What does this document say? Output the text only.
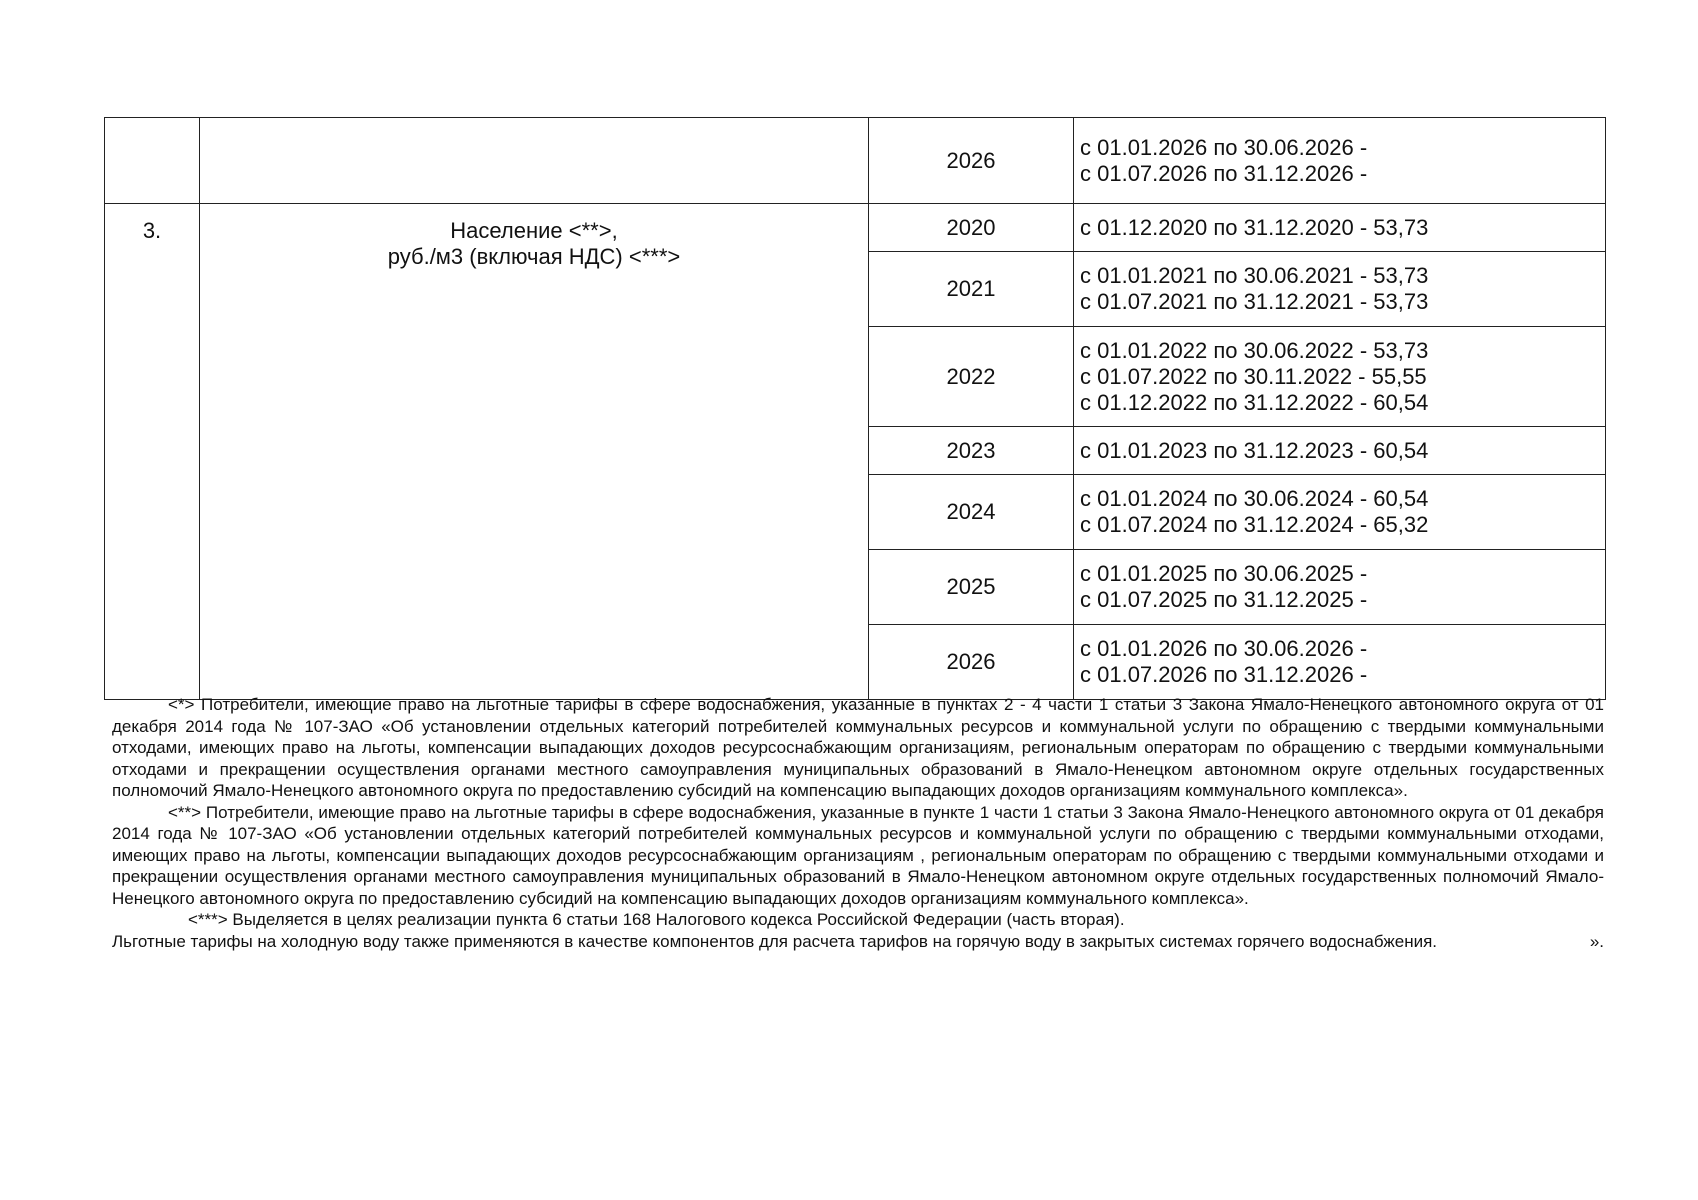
		2026	с 01.01.2026 по 30.06.2026 -
с 01.07.2026 по 31.12.2026 -

3.	Население <**>,
руб./м3 (включая НДС) <***>	2020	с 01.12.2020 по 31.12.2020 - 53,73

		2021	с 01.01.2021 по 30.06.2021 - 53,73
с 01.07.2021 по 31.12.2021 - 53,73

		2022	с 01.01.2022 по 30.06.2022 - 53,73
с 01.07.2022 по 30.11.2022 - 55,55
с 01.12.2022 по 31.12.2022 - 60,54

		2023	с 01.01.2023 по 31.12.2023 - 60,54

		2024	с 01.01.2024 по 30.06.2024 - 60,54
с 01.07.2024 по 31.12.2024 - 65,32

		2025	с 01.01.2025 по 30.06.2025 -
с 01.07.2025 по 31.12.2025 -

		2026	с 01.01.2026 по 30.06.2026 -
с 01.07.2026 по 31.12.2026 -

<*> Потребители, имеющие право на льготные тарифы в сфере водоснабжения, указанные в пунктах 2 - 4 части 1 статьи 3 Закона Ямало-Ненецкого автономного округа от 01 декабря 2014 года № 107-ЗАО «Об установлении отдельных категорий потребителей коммунальных ресурсов и коммунальной услуги по обращению с твердыми коммунальными отходами, имеющих право на льготы, компенсации выпадающих доходов ресурсоснабжающим организациям, региональным операторам по обращению с твердыми коммунальными отходами и прекращении осуществления органами местного самоуправления муниципальных образований в Ямало-Ненецком автономном округе отдельных государственных полномочий Ямало-Ненецкого автономного округа по предоставлению субсидий на компенсацию выпадающих доходов организациям коммунального комплекса».

<**> Потребители, имеющие право на льготные тарифы в сфере водоснабжения, указанные в пункте 1 части 1 статьи 3 Закона Ямало-Ненецкого автономного округа от 01 декабря 2014 года № 107-ЗАО «Об установлении отдельных категорий потребителей коммунальных ресурсов и коммунальной услуги по обращению с твердыми коммунальными отходами, имеющих право на льготы, компенсации выпадающих доходов ресурсоснабжающим организациям , региональным операторам по обращению с твердыми коммунальными отходами и прекращении осуществления органами местного самоуправления муниципальных образований в Ямало-Ненецком автономном округе отдельных государственных полномочий Ямало-Ненецкого автономного округа по предоставлению субсидий на компенсацию выпадающих доходов организациям коммунального комплекса».

<***> Выделяется в целях реализации пункта 6 статьи 168 Налогового кодекса Российской Федерации (часть вторая).

».
Льготные тарифы на холодную воду также применяются в качестве компонентов для расчета тарифов на горячую воду в закрытых системах горячего водоснабжения.
